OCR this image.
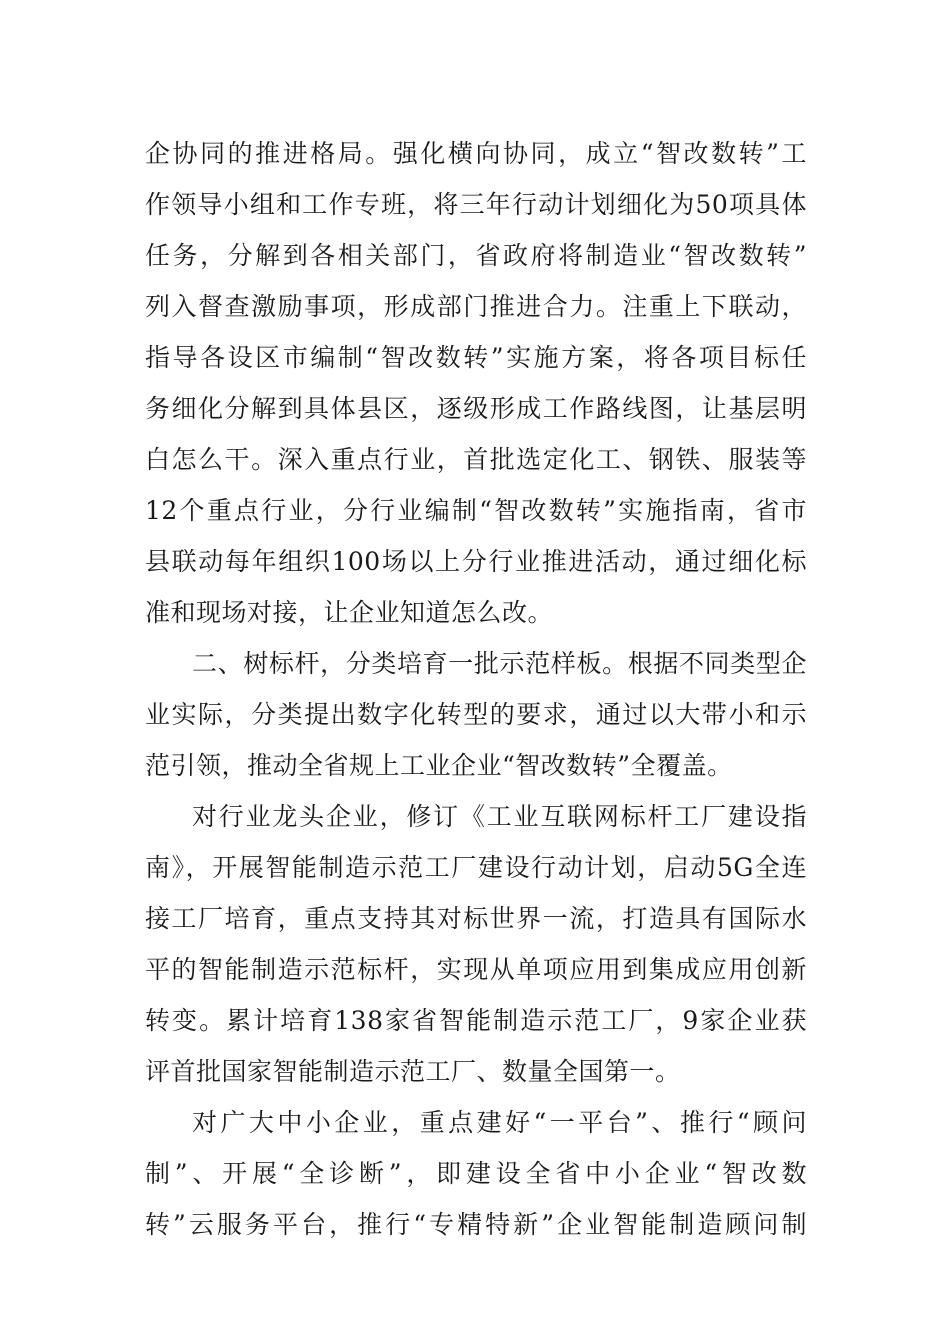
企协同的推进格局。强化横向协同，成立“智改数转”工
作领导小组和工作专班，将三年行动计划细化为50项具体
任务，分解到各相关部门，省政府将制造业“智改数转”
列入督查激励事项，形成部门推进合力。注重上下联动，
指导各设区市编制“智改数转”实施方案，将各项目标任
务细化分解到具体县区，逐级形成工作路线图，让基层明
白怎么干。深入重点行业，首批选定化工、钢铁、服装等
12个重点行业，分行业编制“智改数转”实施指南，省市
县联动每年组织100场以上分行业推进活动，通过细化标
准和现场对接，让企业知道怎么改。
二、树标杆，分类培育一批示范样板。根据不同类型企
业实际，分类提出数字化转型的要求，通过以大带小和示
范引领，推动全省规上工业企业“智改数转”全覆盖。
对行业龙头企业，修订《工业互联网标杆工厂建设指
南》，开展智能制造示范工厂建设行动计划，启动5G全连
接工厂培育，重点支持其对标世界一流，打造具有国际水
平的智能制造示范标杆，实现从单项应用到集成应用创新
转变。累计培育138家省智能制造示范工厂，9家企业获
评首批国家智能制造示范工厂、数量全国第一。
对广大中小企业，重点建好“一平台”、推行“顾问
制”、开展“全诊断”，即建设全省中小企业“智改数
转”云服务平台，推行“专精特新”企业智能制造顾问制
